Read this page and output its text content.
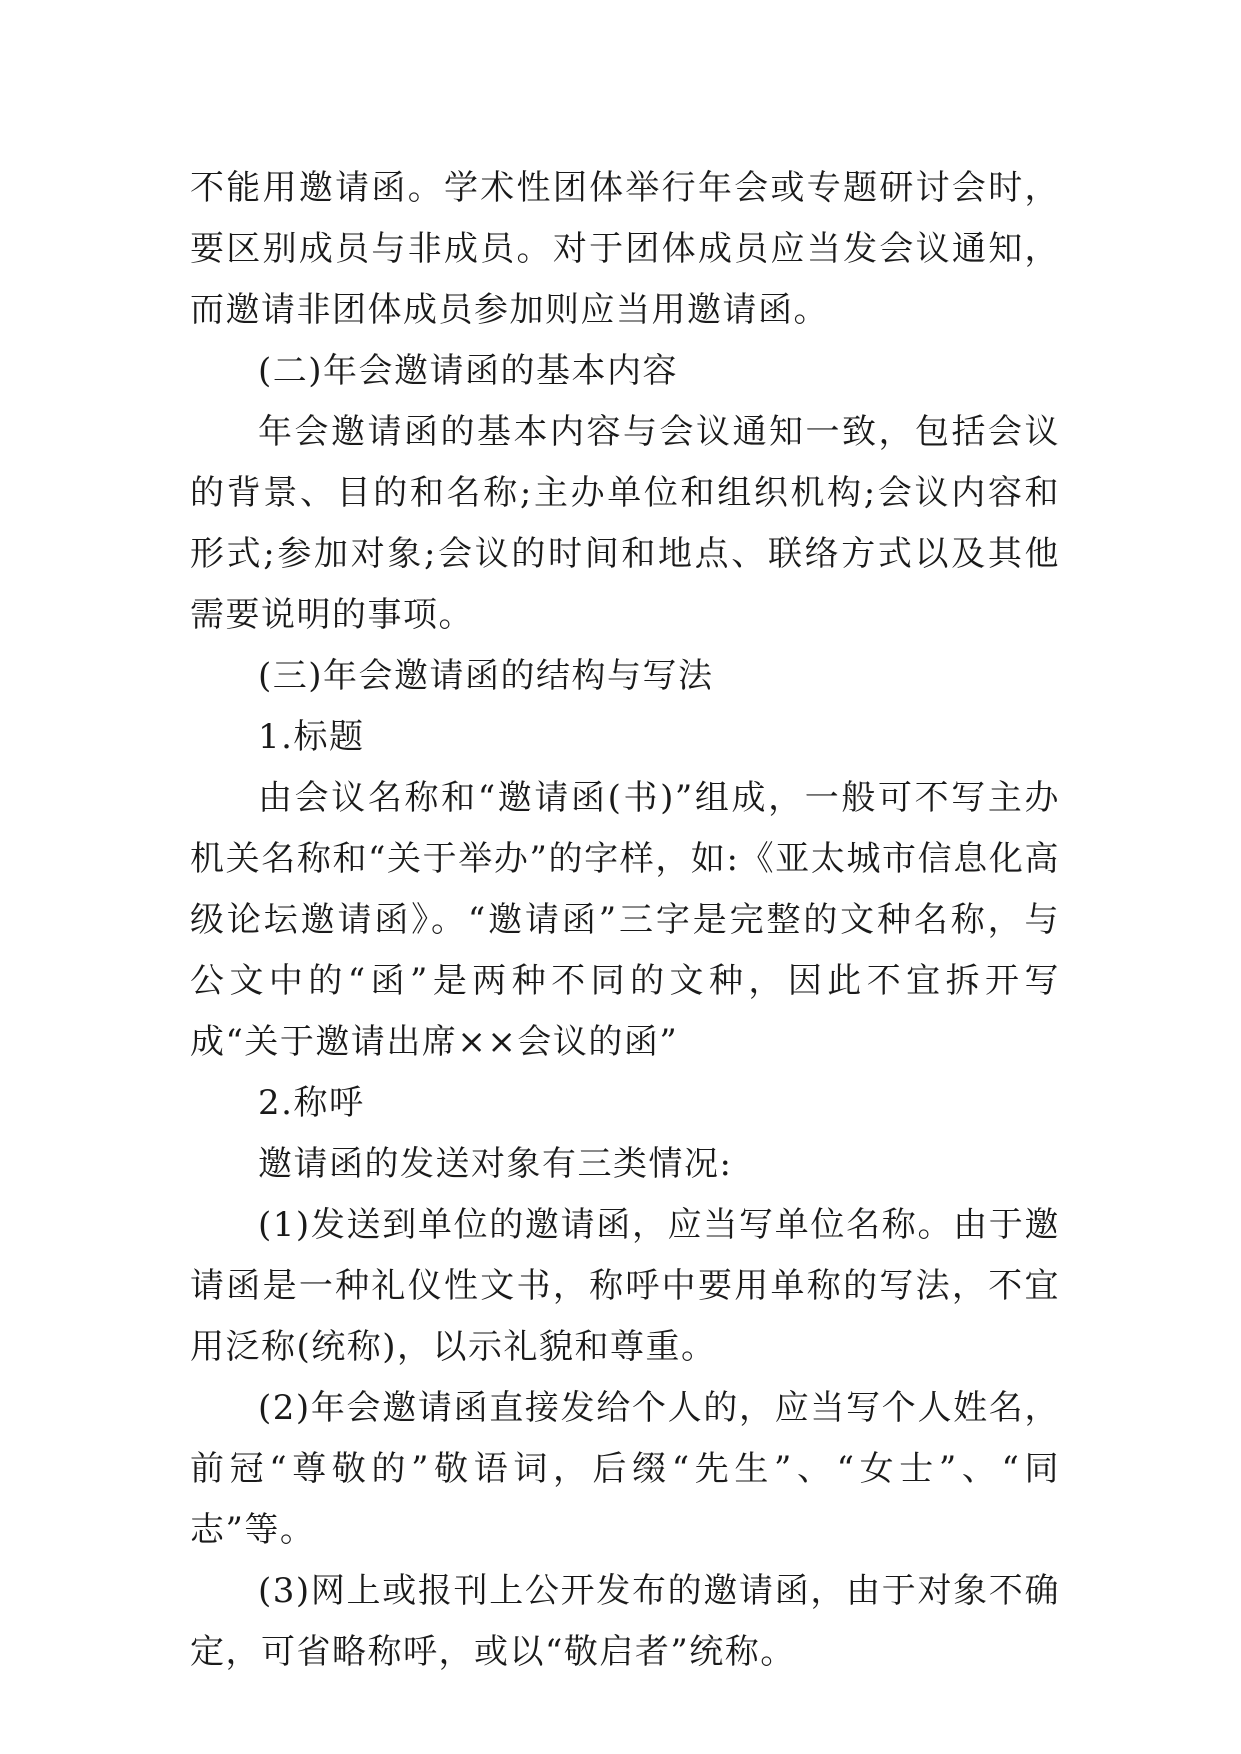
不能用邀请函。学术性团体举行年会或专题研讨会时，要区别成员与非成员。对于团体成员应当发会议通知，而邀请非团体成员参加则应当用邀请函。

(二)年会邀请函的基本内容

年会邀请函的基本内容与会议通知一致，包括会议的背景、目的和名称;主办单位和组织机构;会议内容和形式;参加对象;会议的时间和地点、联络方式以及其他需要说明的事项。

(三)年会邀请函的结构与写法

1.标题

由会议名称和“邀请函(书)”组成，一般可不写主办机关名称和“关于举办”的字样，如:《亚太城市信息化高级论坛邀请函》。“邀请函”三字是完整的文种名称，与公文中的“函”是两种不同的文种，因此不宜拆开写成“关于邀请出席××会议的函”

2.称呼

邀请函的发送对象有三类情况:

(1)发送到单位的邀请函，应当写单位名称。由于邀请函是一种礼仪性文书，称呼中要用单称的写法，不宜用泛称(统称)，以示礼貌和尊重。

(2)年会邀请函直接发给个人的，应当写个人姓名，前冠“尊敬的”敬语词，后缀“先生”、“女士”、“同志”等。

(3)网上或报刊上公开发布的邀请函，由于对象不确定，可省略称呼，或以“敬启者”统称。
